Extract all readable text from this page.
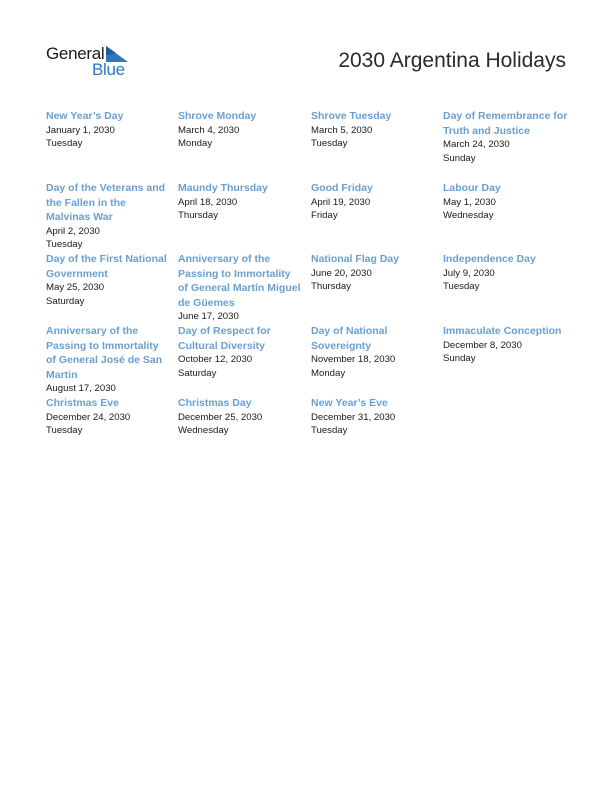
General
Blue	2030 Argentina Holidays
New Year’s Day
January 1, 2030
Tuesday
Shrove Monday
March 4, 2030
Monday
Shrove Tuesday
March 5, 2030
Tuesday
Day of Remembrance for Truth and Justice
March 24, 2030
Sunday
Day of the Veterans and the Fallen in the Malvinas War
April 2, 2030
Tuesday
Maundy Thursday
April 18, 2030
Thursday
Good Friday
April 19, 2030
Friday
Labour Day
May 1, 2030
Wednesday
Day of the First National Government
May 25, 2030
Saturday
Anniversary of the Passing to Immortality of General Martín Miguel de Güemes
June 17, 2030
National Flag Day
June 20, 2030
Thursday
Independence Day
July 9, 2030
Tuesday
Anniversary of the Passing to Immortality of General José de San Martin
August 17, 2030
Day of Respect for Cultural Diversity
October 12, 2030
Saturday
Day of National Sovereignty
November 18, 2030
Monday
Immaculate Conception
December 8, 2030
Sunday
Christmas Eve
December 24, 2030
Tuesday
Christmas Day
December 25, 2030
Wednesday
New Year’s Eve
December 31, 2030
Tuesday
